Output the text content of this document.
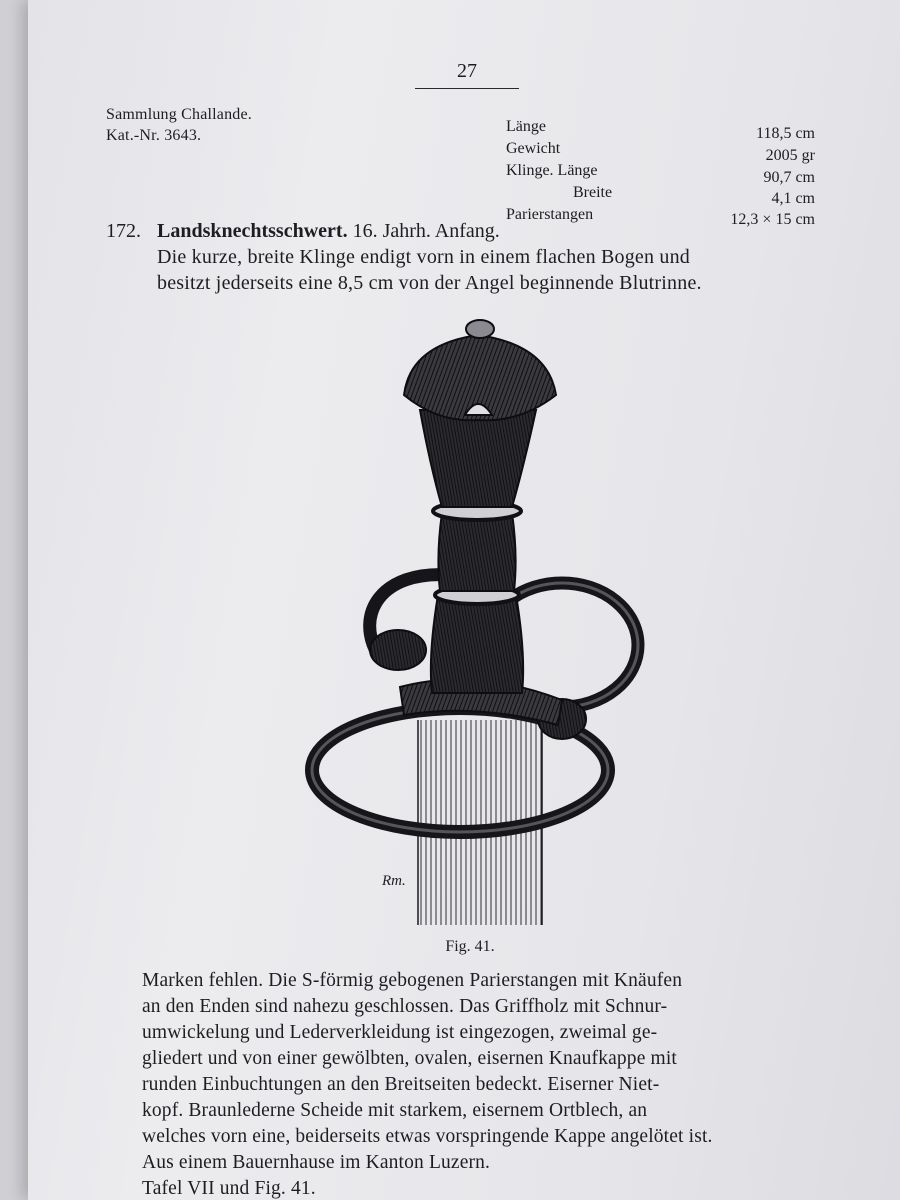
27
Sammlung Challande.
Kat.-Nr. 3643.
Länge	118,5 cm
Gewicht	2005 gr
Klinge. Länge	90,7 cm
Breite	4,1 cm
Parierstangen	12,3 × 15 cm
172. Landsknechtsschwert. 16. Jahrh. Anfang.
Die kurze, breite Klinge endigt vorn in einem flachen Bogen und
besitzt jederseits eine 8,5 cm von der Angel beginnende Blutrinne.
Rm.
Fig. 41.
Marken fehlen. Die S-förmig gebogenen Parierstangen mit Knäufen
an den Enden sind nahezu geschlossen. Das Griffholz mit Schnur-
umwickelung und Lederverkleidung ist eingezogen, zweimal ge-
gliedert und von einer gewölbten, ovalen, eisernen Knaufkappe mit
runden Einbuchtungen an den Breitseiten bedeckt. Eiserner Niet-
kopf. Braunlederne Scheide mit starkem, eisernem Ortblech, an
welches vorn eine, beiderseits etwas vorspringende Kappe angelötet ist.
Aus einem Bauernhause im Kanton Luzern.
Tafel VII und Fig. 41.
